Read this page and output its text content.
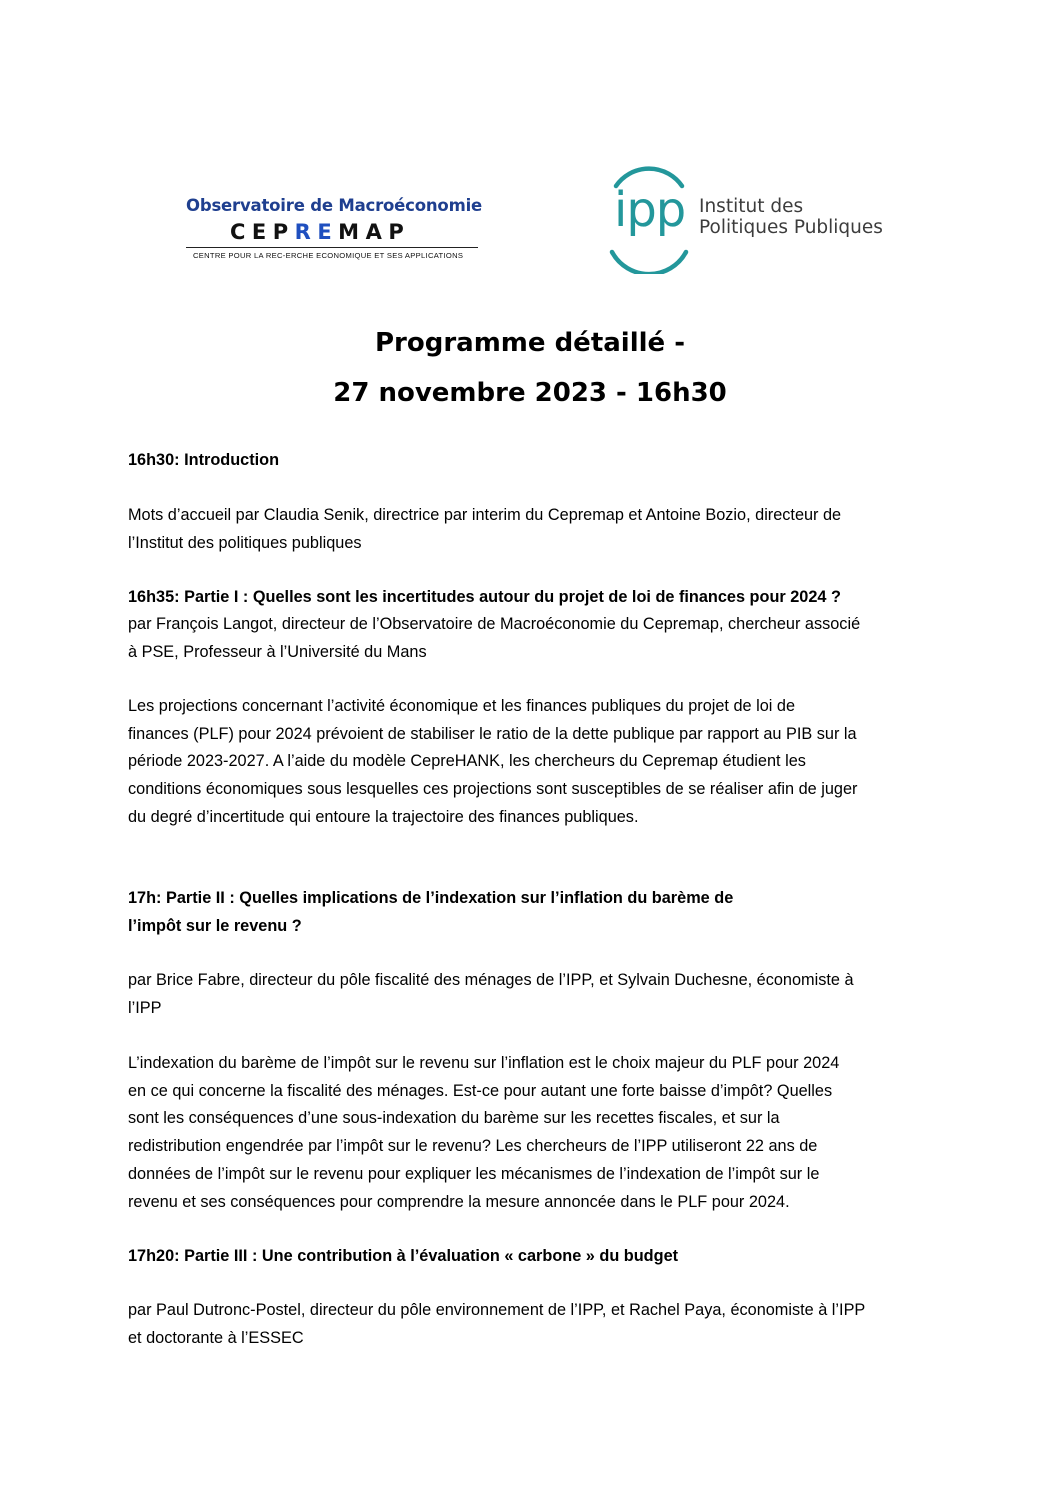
Observatoire de Macroéconomie
CEPREMAP
CENTRE POUR LA REC-ERCHE ECONOMIQUE ET SES APPLICATIONS
ipp Institut des
Politiques Publiques
Programme détaillé -
27 novembre 2023 - 16h30
16h30: Introduction
Mots d’accueil par Claudia Senik, directrice par interim du Cepremap et Antoine Bozio, directeur de
l’Institut des politiques publiques
16h35: Partie I : Quelles sont les incertitudes autour du projet de loi de finances pour 2024 ?
par François Langot, directeur de l’Observatoire de Macroéconomie du Cepremap, chercheur associé
à PSE, Professeur à l’Université du Mans
Les projections concernant l’activité économique et les finances publiques du projet de loi de
finances (PLF) pour 2024 prévoient de stabiliser le ratio de la dette publique par rapport au PIB sur la
période 2023-2027. A l’aide du modèle CepreHANK, les chercheurs du Cepremap étudient les
conditions économiques sous lesquelles ces projections sont susceptibles de se réaliser afin de juger
du degré d’incertitude qui entoure la trajectoire des finances publiques.
17h: Partie II : Quelles implications de l’indexation sur l’inflation du barème de
l’impôt sur le revenu ?
par Brice Fabre, directeur du pôle fiscalité des ménages de l’IPP, et Sylvain Duchesne, économiste à
l’IPP
L’indexation du barème de l’impôt sur le revenu sur l’inflation est le choix majeur du PLF pour 2024
en ce qui concerne la fiscalité des ménages. Est-ce pour autant une forte baisse d’impôt? Quelles
sont les conséquences d’une sous-indexation du barème sur les recettes fiscales, et sur la
redistribution engendrée par l’impôt sur le revenu? Les chercheurs de l’IPP utiliseront 22 ans de
données de l’impôt sur le revenu pour expliquer les mécanismes de l’indexation de l’impôt sur le
revenu et ses conséquences pour comprendre la mesure annoncée dans le PLF pour 2024.
17h20: Partie III : Une contribution à l’évaluation « carbone » du budget
par Paul Dutronc-Postel, directeur du pôle environnement de l’IPP, et Rachel Paya, économiste à l’IPP
et doctorante à l’ESSEC
